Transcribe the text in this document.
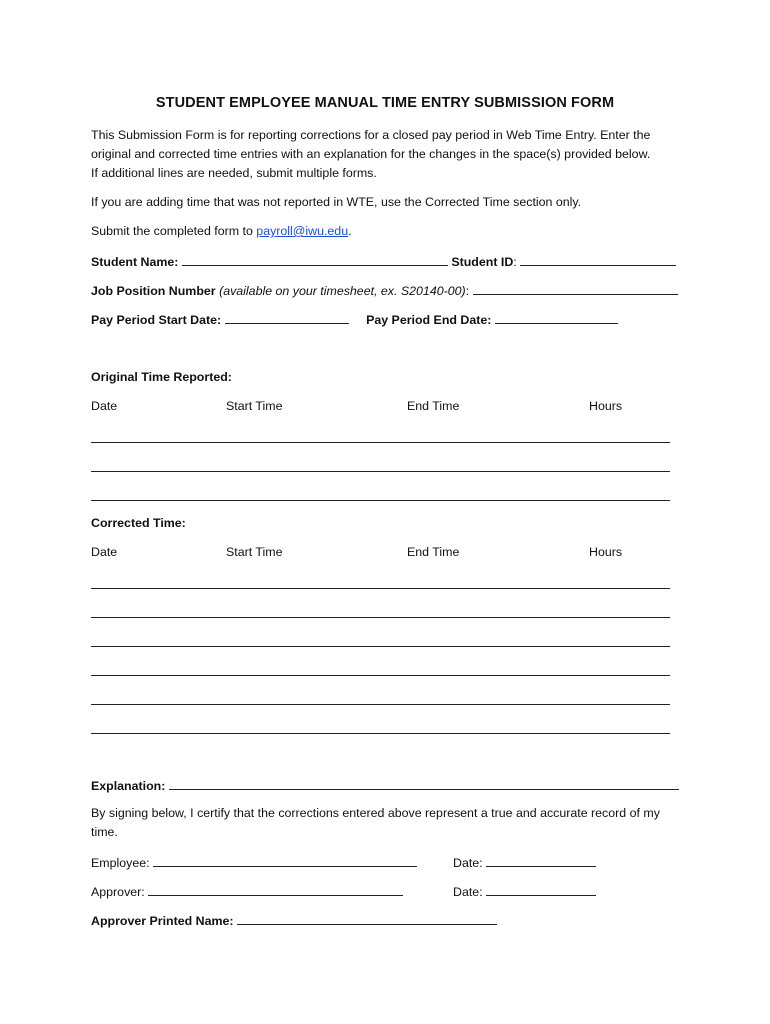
STUDENT EMPLOYEE MANUAL TIME ENTRY SUBMISSION FORM
This Submission Form is for reporting corrections for a closed pay period in Web Time Entry. Enter the
original and corrected time entries with an explanation for the changes in the space(s) provided below.
If additional lines are needed, submit multiple forms.
If you are adding time that was not reported in WTE, use the Corrected Time section only.
Submit the completed form to payroll@iwu.edu.
Student Name:	Student ID:
Job Position Number (available on your timesheet, ex. S20140-00):
Pay Period Start Date:	Pay Period End Date:
Original Time Reported:
Date	Start Time	End Time	Hours
Corrected Time:
Date	Start Time	End Time	Hours
Explanation:
By signing below, I certify that the corrections entered above represent a true and accurate record of my
time.
Employee:	Date:
Approver:	Date:
Approver Printed Name:
